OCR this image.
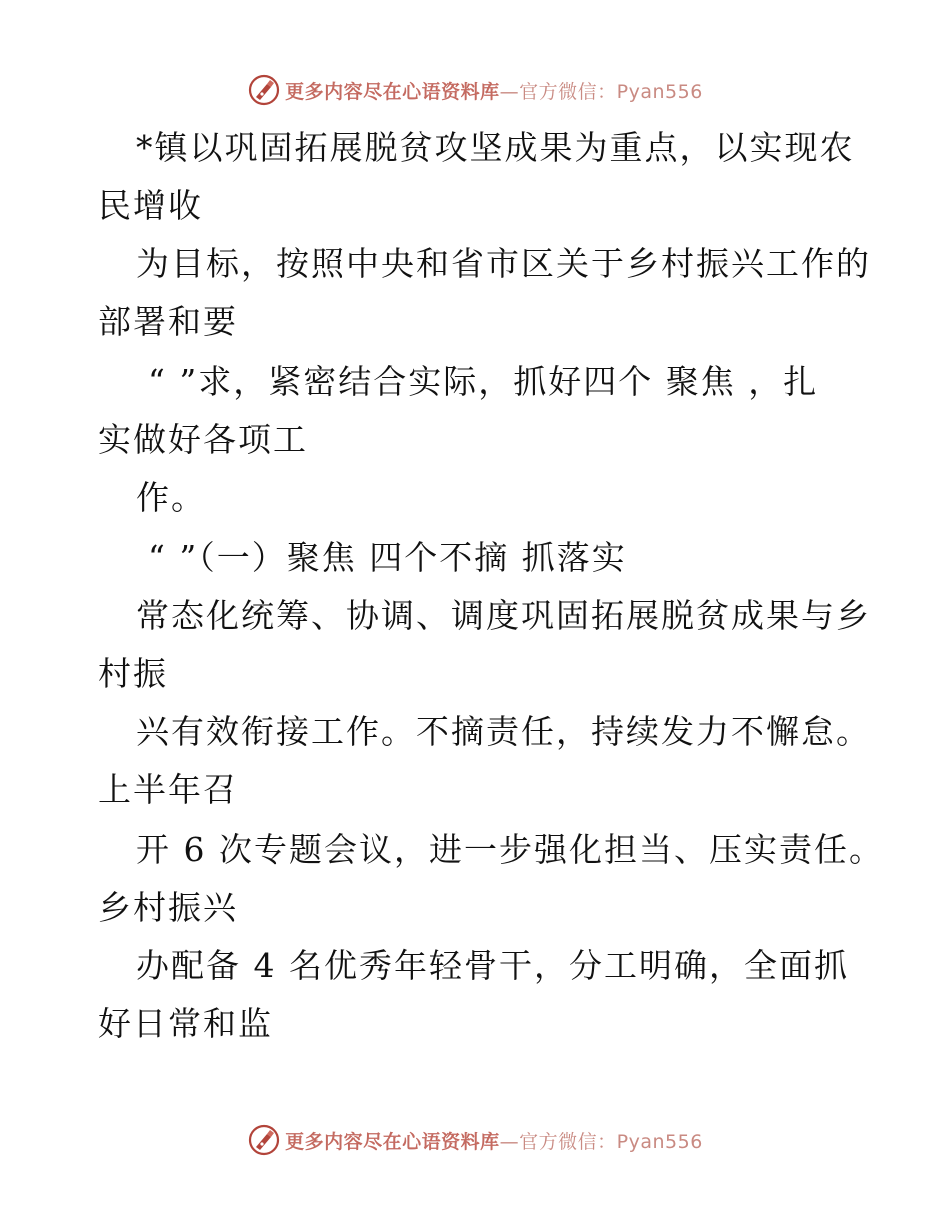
更多内容尽在心语资料库—官方微信：Pyan556
*镇以巩固拓展脱贫攻坚成果为重点，以实现农
民增收
为目标，按照中央和省市区关于乡村振兴工作的
部署和要
“ ”求，紧密结合实际，抓好四个 聚焦 ，扎
实做好各项工
作。
“ ”（一）聚焦 四个不摘 抓落实
常态化统筹、协调、调度巩固拓展脱贫成果与乡
村振
兴有效衔接工作。不摘责任，持续发力不懈怠。
上半年召
开 6 次专题会议，进一步强化担当、压实责任。
乡村振兴
办配备 4 名优秀年轻骨干，分工明确，全面抓
好日常和监
更多内容尽在心语资料库—官方微信：Pyan556
